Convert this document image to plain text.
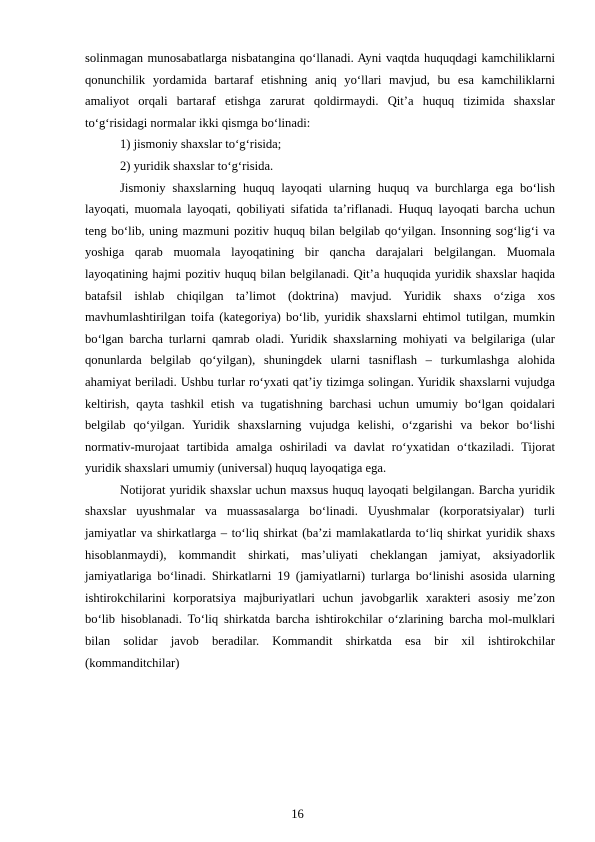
solinmagan munosabatlarga nisbatangina qo‘llanadi. Ayni vaqtda huquqdagi kamchiliklarni qonunchilik yordamida bartaraf etishning aniq yo‘llari mavjud, bu esa kamchiliklarni amaliyot orqali bartaraf etishga zarurat qoldirmaydi. Qit’a huquq tizimida shaxslar to‘g‘risidagi normalar ikki qismga bo‘linadi:

1) jismoniy shaxslar to‘g‘risida;

2) yuridik shaxslar to‘g‘risida.

Jismoniy shaxslarning huquq layoqati ularning huquq va burchlarga ega bo‘lish layoqati, muomala layoqati, qobiliyati sifatida ta’riflanadi. Huquq layoqati barcha uchun teng bo‘lib, uning mazmuni pozitiv huquq bilan belgilab qo‘yilgan. Insonning sog‘lig‘i va yoshiga qarab muomala layoqatining bir qancha darajalari belgilangan. Muomala layoqatining hajmi pozitiv huquq bilan belgilanadi. Qit’a huquqida yuridik shaxslar haqida batafsil ishlab chiqilgan ta’limot (doktrina) mavjud. Yuridik shaxs o‘ziga xos mavhumlashtirilgan toifa (kategoriya) bo‘lib, yuridik shaxslarni ehtimol tutilgan, mumkin bo‘lgan barcha turlarni qamrab oladi. Yuridik shaxslarning mohiyati va belgilariga (ular qonunlarda belgilab qo‘yilgan), shuningdek ularni tasniflash – turkumlashga alohida ahamiyat beriladi. Ushbu turlar ro‘yxati qat’iy tizimga solingan. Yuridik shaxslarni vujudga keltirish, qayta tashkil etish va tugatishning barchasi uchun umumiy bo‘lgan qoidalari belgilab qo‘yilgan. Yuridik shaxslarning vujudga kelishi, o‘zgarishi va bekor bo‘lishi normativ-murojaat tartibida amalga oshiriladi va davlat ro‘yxatidan o‘tkaziladi. Tijorat yuridik shaxslari umumiy (universal) huquq layoqatiga ega.

Notijorat yuridik shaxslar uchun maxsus huquq layoqati belgilangan. Barcha yuridik shaxslar uyushmalar va muassasalarga bo‘linadi. Uyushmalar (korporatsiyalar) turli jamiyatlar va shirkatlarga – to‘liq shirkat (ba’zi mamlakatlarda to‘liq shirkat yuridik shaxs hisoblanmaydi), kommandit shirkati, mas’uliyati cheklangan jamiyat, aksiyadorlik jamiyatlariga bo‘linadi. Shirkatlarni 19 (jamiyatlarni) turlarga bo‘linishi asosida ularning ishtirokchilarini korporatsiya majburiyatlari uchun javobgarlik xarakteri asosiy me’zon bo‘lib hisoblanadi. To‘liq shirkatda barcha ishtirokchilar o‘zlarining barcha mol-mulklari bilan solidar javob beradilar. Kommandit shirkatda esa bir xil ishtirokchilar (kommanditchilar)

16
